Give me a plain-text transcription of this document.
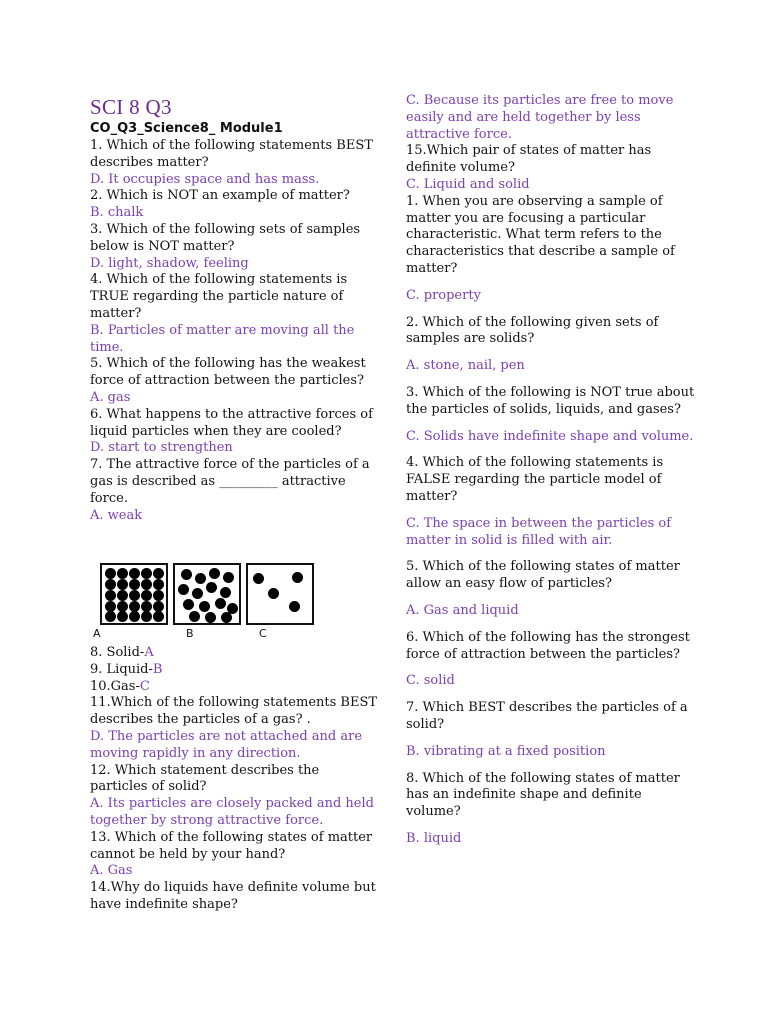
SCI 8 Q3
CO_Q3_Science8_ Module1
1. Which of the following statements BEST describes matter?
D. It occupies space and has mass.
2. Which is NOT an example of matter?
B. chalk
3. Which of the following sets of samples below is NOT matter?
D. light, shadow, feeling
4. Which of the following statements is TRUE regarding the particle nature of matter?
B. Particles of matter are moving all the time.
5. Which of the following has the weakest force of attraction between the particles?
A. gas
6. What happens to the attractive forces of liquid particles when they are cooled?
D. start to strengthen
7. The attractive force of the particles of a gas is described as _________ attractive force.
A. weak
A	B	C
8. Solid-A
9. Liquid-B
10.Gas-C
11.Which of the following statements BEST describes the particles of a gas? .
D. The particles are not attached and are moving rapidly in any direction.
12. Which statement describes the particles of solid?
A. Its particles are closely packed and held together by strong attractive force.
13. Which of the following states of matter cannot be held by your hand?
A. Gas
14.Why do liquids have definite volume but have indefinite shape?
C. Because its particles are free to move easily and are held together by less attractive force.
15.Which pair of states of matter has definite volume?
C. Liquid and solid
1. When you are observing a sample of matter you are focusing a particular characteristic. What term refers to the characteristics that describe a sample of matter?
C. property
2. Which of the following given sets of samples are solids?
A. stone, nail, pen
3. Which of the following is NOT true about the particles of solids, liquids, and gases?
C. Solids have indefinite shape and volume.
4. Which of the following statements is FALSE regarding the particle model of matter?
C. The space in between the particles of matter in solid is filled with air.
5. Which of the following states of matter allow an easy flow of particles?
A. Gas and liquid
6. Which of the following has the strongest force of attraction between the particles?
C. solid
7. Which BEST describes the particles of a solid?
B. vibrating at a fixed position
8. Which of the following states of matter has an indefinite shape and definite volume?
B. liquid
